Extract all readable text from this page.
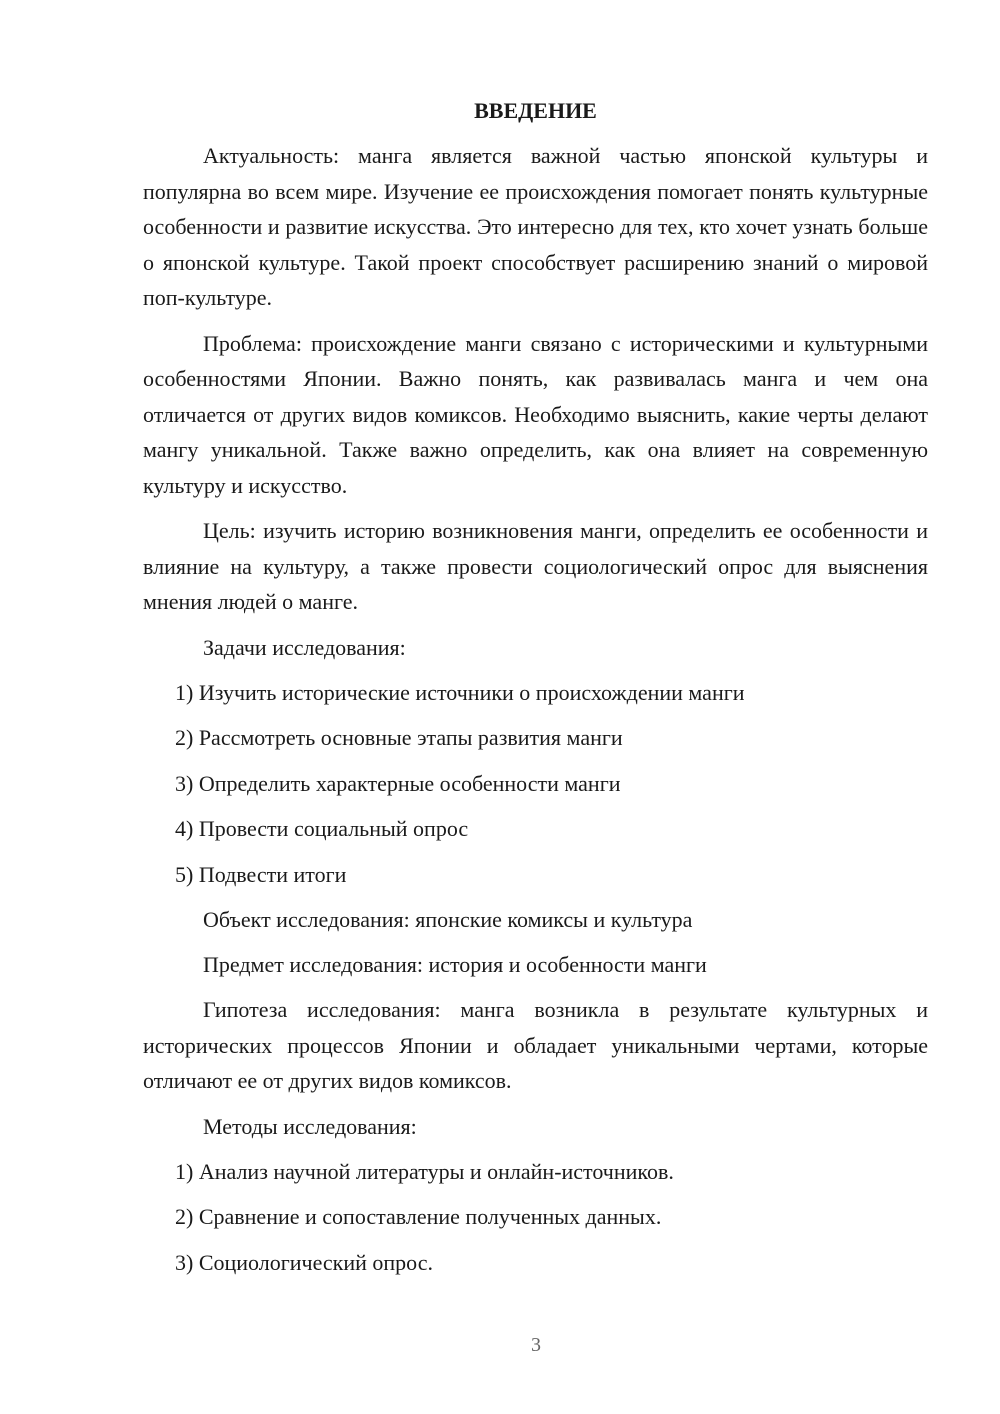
ВВЕДЕНИЕ

Актуальность: манга является важной частью японской культуры и популярна во всем мире. Изучение ее происхождения помогает понять культурные особенности и развитие искусства. Это интересно для тех, кто хочет узнать больше о японской культуре. Такой проект способствует расширению знаний о мировой поп-культуре.

Проблема: происхождение манги связано с историческими и культурными особенностями Японии. Важно понять, как развивалась манга и чем она отличается от других видов комиксов. Необходимо выяснить, какие черты делают мангу уникальной. Также важно определить, как она влияет на современную культуру и искусство.

Цель: изучить историю возникновения манги, определить ее особенности и влияние на культуру, а также провести социологический опрос для выяснения мнения людей о манге.

Задачи исследования:

1) Изучить исторические источники о происхождении манги
2) Рассмотреть основные этапы развития манги
3) Определить характерные особенности манги
4) Провести социальный опрос
5) Подвести итоги

Объект исследования: японские комиксы и культура

Предмет исследования: история и особенности манги

Гипотеза исследования: манга возникла в результате культурных и исторических процессов Японии и обладает уникальными чертами, которые отличают ее от других видов комиксов.

Методы исследования:

1) Анализ научной литературы и онлайн-источников.
2) Сравнение и сопоставление полученных данных.
3) Социологический опрос.
3
